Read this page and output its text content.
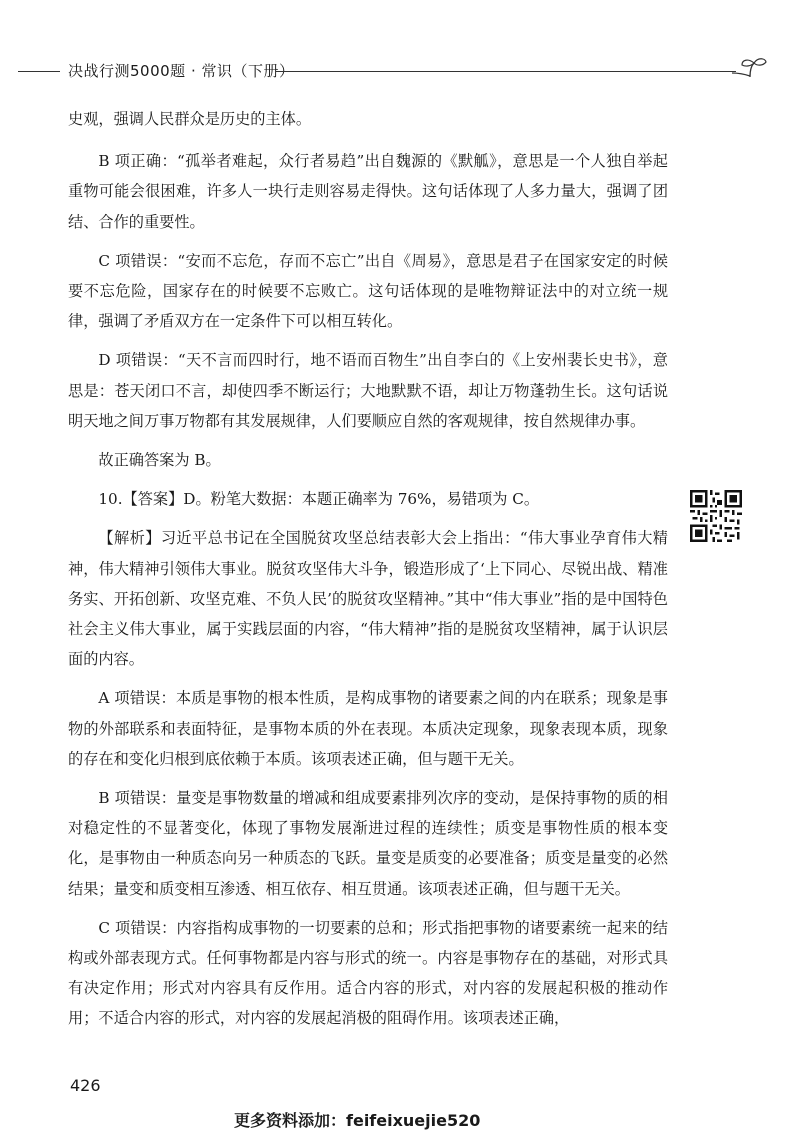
决战行测5000题 · 常识（下册）

史观，强调人民群众是历史的主体。

B 项正确：“孤举者难起，众行者易趋”出自魏源的《默觚》，意思是一个人独自举起重物可能会很困难，许多人一块行走则容易走得快。这句话体现了人多力量大，强调了团结、合作的重要性。

C 项错误：“安而不忘危，存而不忘亡”出自《周易》，意思是君子在国家安定的时候要不忘危险，国家存在的时候要不忘败亡。这句话体现的是唯物辩证法中的对立统一规律，强调了矛盾双方在一定条件下可以相互转化。

D 项错误：“天不言而四时行，地不语而百物生”出自李白的《上安州裴长史书》，意思是：苍天闭口不言，却使四季不断运行；大地默默不语，却让万物蓬勃生长。这句话说明天地之间万事万物都有其发展规律，人们要顺应自然的客观规律，按自然规律办事。

故正确答案为 B。

10.【答案】D。粉笔大数据：本题正确率为 76%，易错项为 C。

【解析】习近平总书记在全国脱贫攻坚总结表彰大会上指出：“伟大事业孕育伟大精神，伟大精神引领伟大事业。脱贫攻坚伟大斗争，锻造形成了‘上下同心、尽锐出战、精准务实、开拓创新、攻坚克难、不负人民’的脱贫攻坚精神。”其中“伟大事业”指的是中国特色社会主义伟大事业，属于实践层面的内容，“伟大精神”指的是脱贫攻坚精神，属于认识层面的内容。

A 项错误：本质是事物的根本性质，是构成事物的诸要素之间的内在联系；现象是事物的外部联系和表面特征，是事物本质的外在表现。本质决定现象，现象表现本质，现象的存在和变化归根到底依赖于本质。该项表述正确，但与题干无关。

B 项错误：量变是事物数量的增减和组成要素排列次序的变动，是保持事物的质的相对稳定性的不显著变化，体现了事物发展渐进过程的连续性；质变是事物性质的根本变化，是事物由一种质态向另一种质态的飞跃。量变是质变的必要准备；质变是量变的必然结果；量变和质变相互渗透、相互依存、相互贯通。该项表述正确，但与题干无关。

C 项错误：内容指构成事物的一切要素的总和；形式指把事物的诸要素统一起来的结构或外部表现方式。任何事物都是内容与形式的统一。内容是事物存在的基础，对形式具有决定作用；形式对内容具有反作用。适合内容的形式，对内容的发展起积极的推动作用；不适合内容的形式，对内容的发展起消极的阻碍作用。该项表述正确，

426
更多资料添加：feifeixuejie520
